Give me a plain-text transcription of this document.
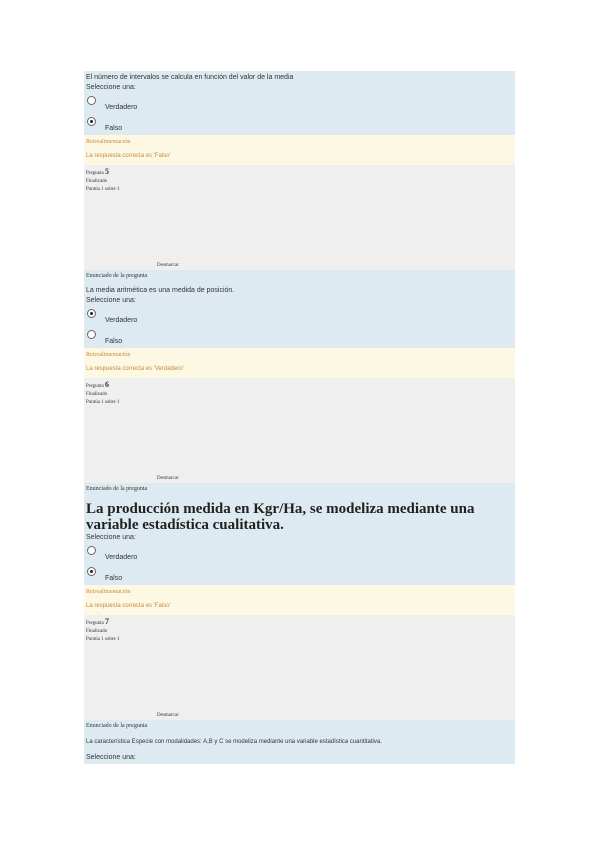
El número de intervalos se calcula en función del valor de la media
Seleccione una:
Verdadero
Falso
Retroalimentación
La respuesta correcta es 'Falso'
Pregunta 5
Finalizado
Puntúa 1 sobre 1
Desmarcar
Enunciado de la pregunta
La media aritmética es una medida de posición.
Seleccione una:
Verdadero
Falso
Retroalimentación
La respuesta correcta es 'Verdadero'
Pregunta 6
Finalizado
Puntúa 1 sobre 1
Desmarcar
Enunciado de la pregunta
La producción medida en Kgr/Ha, se modeliza mediante una variable estadística cualitativa.
Seleccione una:
Verdadero
Falso
Retroalimentación
La respuesta correcta es 'Falso'
Pregunta 7
Finalizado
Puntúa 1 sobre 1
Desmarcar
Enunciado de la pregunta
La característica Especie con modalidades: A,B y C se modeliza mediante una variable estadística cuantitativa.
Seleccione una:
